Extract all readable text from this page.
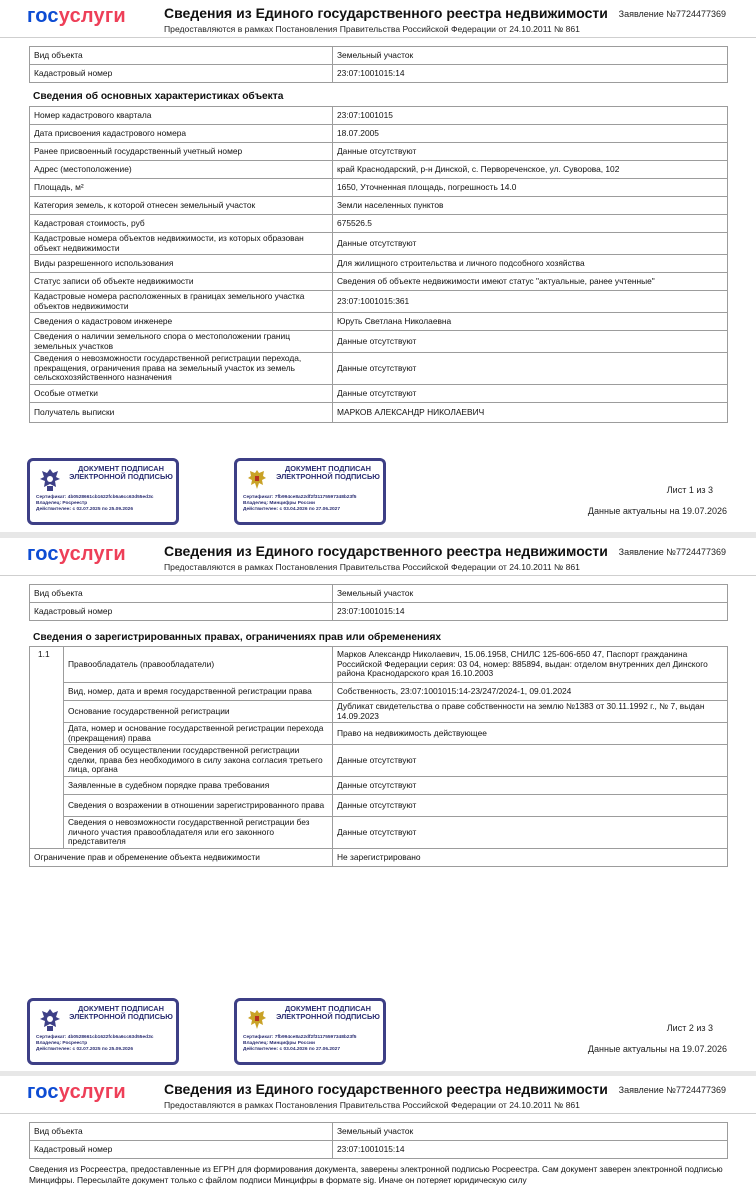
госуслуги	Сведения из Единого государственного реестра недвижимости
Предоставляются в рамках Постановления Правительства Российской Федерации от 24.10.2011 № 861
Заявление №7724477369
Вид объекта	Земельный участок
Кадастровый номер	23:07:1001015:14
Сведения об основных характеристиках объекта
Номер кадастрового квартала	23:07:1001015
Дата присвоения кадастрового номера	18.07.2005
Ранее присвоенный государственный учетный номер	Данные отсутствуют
Адрес (местоположение)	край Краснодарский, р-н Динской, с. Первореченское, ул. Суворова, 102
Площадь, м²	1650, Уточненная площадь, погрешность 14.0
Категория земель, к которой отнесен земельный участок	Земли населенных пунктов
Кадастровая стоимость, руб	675526.5
Кадастровые номера объектов недвижимости, из которых образован объект недвижимости	Данные отсутствуют
Виды разрешенного использования	Для жилищного строительства и личного подсобного хозяйства
Статус записи об объекте недвижимости	Сведения об объекте недвижимости имеют статус "актуальные, ранее учтенные"
Кадастровые номера расположенных в границах земельного участка объектов недвижимости	23:07:1001015:361
Сведения о кадастровом инженере	Юруть Светлана Николаевна
Сведения о наличии земельного спора о местоположении границ земельных участков	Данные отсутствуют
Сведения о невозможности государственной регистрации перехода, прекращения, ограничения права на земельный участок из земель сельскохозяйственного назначения	Данные отсутствуют
Особые отметки	Данные отсутствуют
Получатель выписки	МАРКОВ АЛЕКСАНДР НИКОЛАЕВИЧ
ДОКУМЕНТ ПОДПИСАН ЭЛЕКТРОННОЙ ПОДПИСЬЮ
Сертификат: 4b0528661cb1622fcb6a6cc63d55ed3c
Владелец: Росреестр
Действителен: с 02.07.2025 по 25.09.2026
ДОКУМЕНТ ПОДПИСАН ЭЛЕКТРОННОЙ ПОДПИСЬЮ
Сертификат: 7fb994ce8a22df2f31175597348b23f5
Владелец: Минцифры России
Действителен: с 03.04.2026 по 27.06.2027
Лист 1 из 3
Данные актуальны на 19.07.2026
госуслуги	Сведения из Единого государственного реестра недвижимости
Предоставляются в рамках Постановления Правительства Российской Федерации от 24.10.2011 № 861
Заявление №7724477369
Вид объекта	Земельный участок
Кадастровый номер	23:07:1001015:14
Сведения о зарегистрированных правах, ограничениях прав или обременениях
1.1	Правообладатель (правообладатели)	Марков Александр Николаевич, 15.06.1958, СНИЛС 125-606-650 47, Паспорт гражданина Российской Федерации серия: 03 04, номер: 885894, выдан: отделом внутренних дел Динского района Краснодарского края 16.10.2003
	Вид, номер, дата и время государственной регистрации права	Собственность, 23:07:1001015:14-23/247/2024-1, 09.01.2024
	Основание государственной регистрации	Дубликат свидетельства о праве собственности на землю №1383 от 30.11.1992 г., № 7, выдан 14.09.2023
	Дата, номер и основание государственной регистрации перехода (прекращения) права	Право на недвижимость действующее
	Сведения об осуществлении государственной регистрации сделки, права без необходимого в силу закона согласия третьего лица, органа	Данные отсутствуют
	Заявленные в судебном порядке права требования	Данные отсутствуют
	Сведения о возражении в отношении зарегистрированного права	Данные отсутствуют
	Сведения о невозможности государственной регистрации без личного участия правообладателя или его законного представителя	Данные отсутствуют
Ограничение прав и обременение объекта недвижимости		Не зарегистрировано
ДОКУМЕНТ ПОДПИСАН ЭЛЕКТРОННОЙ ПОДПИСЬЮ
Сертификат: 4b0528661cb1622fcb6a6cc63d55ed3c
Владелец: Росреестр
Действителен: с 02.07.2025 по 25.09.2026
ДОКУМЕНТ ПОДПИСАН ЭЛЕКТРОННОЙ ПОДПИСЬЮ
Сертификат: 7fb994ce8a22df2f31175597348b23f5
Владелец: Минцифры России
Действителен: с 03.04.2026 по 27.06.2027
Лист 2 из 3
Данные актуальны на 19.07.2026
госуслуги	Сведения из Единого государственного реестра недвижимости
Предоставляются в рамках Постановления Правительства Российской Федерации от 24.10.2011 № 861
Заявление №7724477369
Вид объекта	Земельный участок
Кадастровый номер	23:07:1001015:14
Сведения из Росреестра, предоставленные из ЕГРН для формирования документа, заверены электронной подписью Росреестра. Сам документ заверен электронной подписью Минцифры. Пересылайте документ только с файлом подписи Минцифры в формате sig. Иначе он потеряет юридическую силу
